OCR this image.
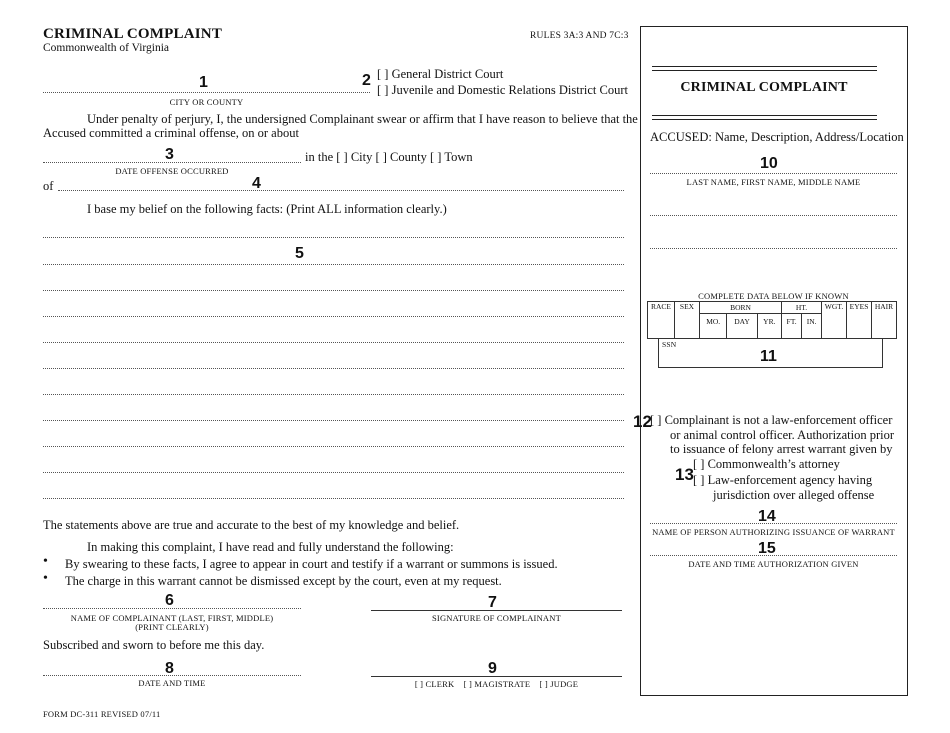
CRIMINAL COMPLAINT
Commonwealth of Virginia
RULES 3A:3 AND 7C:3
1
CITY OR COUNTY
2 [ ] General District Court
[ ] Juvenile and Domestic Relations District Court
Under penalty of perjury, I, the undersigned Complainant swear or affirm that I have reason to believe that the
Accused committed a criminal offense, on or about
3
DATE OFFENSE OCCURRED
in the [ ] City [ ] County [ ] Town
of	4
I base my belief on the following facts: (Print ALL information clearly.)
5
The statements above are true and accurate to the best of my knowledge and belief.
In making this complaint, I have read and fully understand the following:
• By swearing to these facts, I agree to appear in court and testify if a warrant or summons is issued.
• The charge in this warrant cannot be dismissed except by the court, even at my request.
6
NAME OF COMPLAINANT (LAST, FIRST, MIDDLE)
(PRINT CLEARLY)
7
SIGNATURE OF COMPLAINANT
Subscribed and sworn to before me this day.
8
DATE AND TIME
9
[ ] CLERK    [ ] MAGISTRATE    [ ] JUDGE
FORM DC-311 REVISED 07/11
CRIMINAL COMPLAINT
ACCUSED: Name, Description, Address/Location
10
LAST NAME, FIRST NAME, MIDDLE NAME
COMPLETE DATA BELOW IF KNOWN
RACE	SEX	BORN			HT.		WGT.	EYES	HAIR
		MO.	DAY	YR.	FT.	IN.			
SSN
11
12
[ ] Complainant is not a law-enforcement officer
or animal control officer. Authorization prior
to issuance of felony arrest warrant given by
13
[ ] Commonwealth’s attorney
[ ] Law-enforcement agency having
jurisdiction over alleged offense
14
NAME OF PERSON AUTHORIZING ISSUANCE OF WARRANT
15
DATE AND TIME AUTHORIZATION GIVEN
